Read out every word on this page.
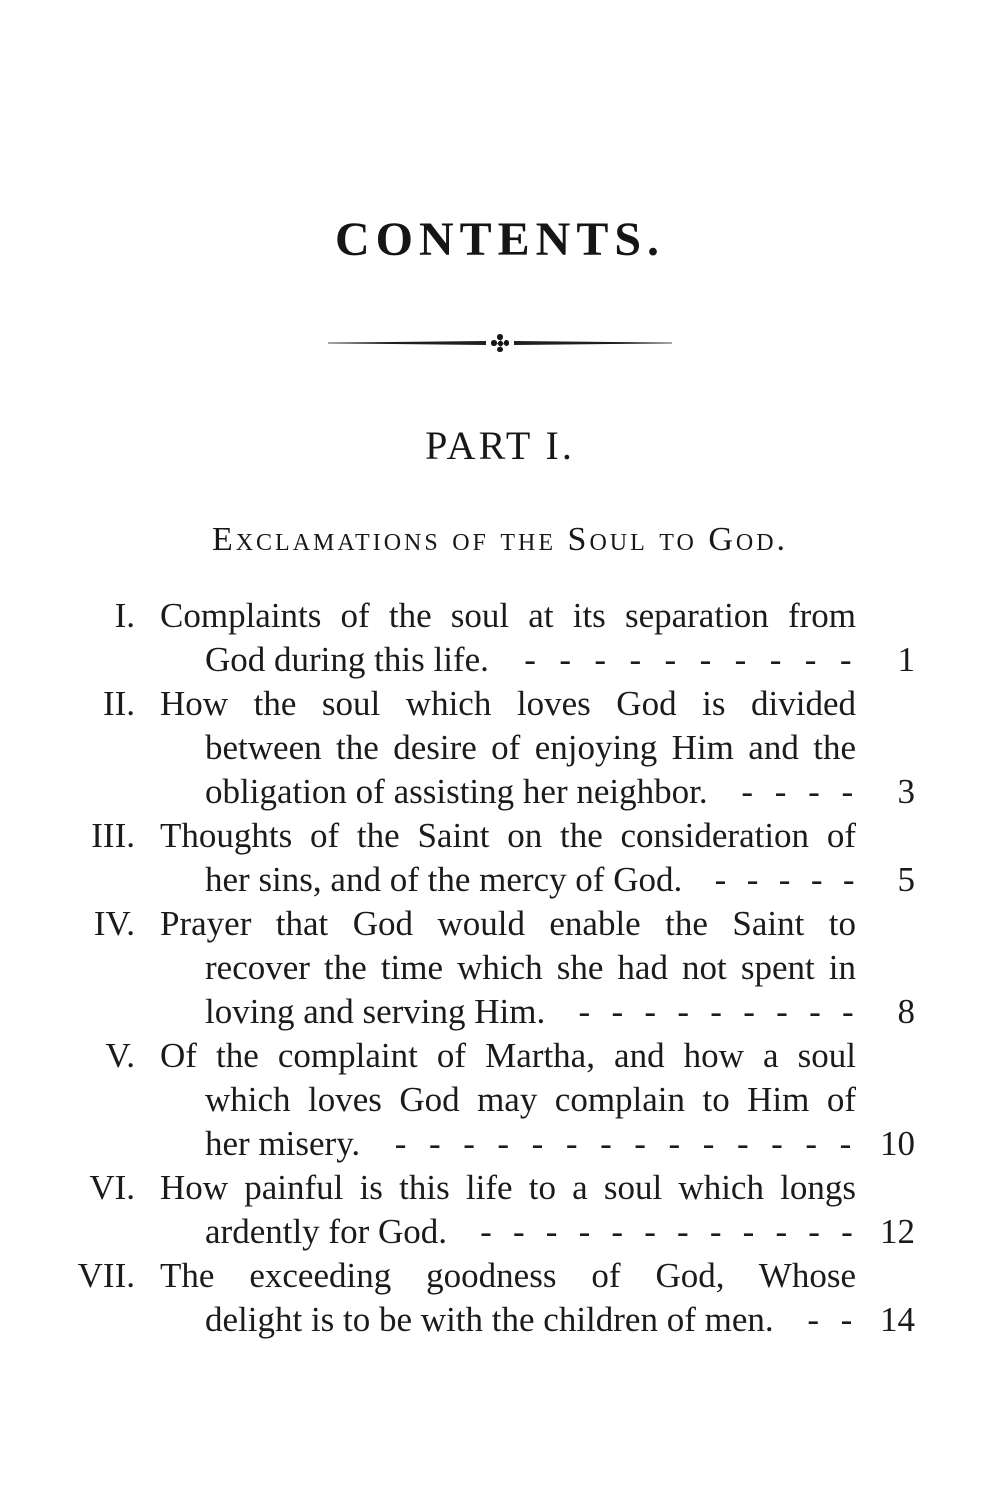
CONTENTS.
PART I.
Exclamations of the Soul to God.
I. Complaints of the soul at its separation from
God during this life. - - - - - - - - - -	1
II. How the soul which loves God is divided
between the desire of enjoying Him and the
obligation of assisting her neighbor. - - - -	3
III. Thoughts of the Saint on the consideration of
her sins, and of the mercy of God. - - - - -	5
IV. Prayer that God would enable the Saint to
recover the time which she had not spent in
loving and serving Him. - - - - - - - - -	8
V. Of the complaint of Martha, and how a soul
which loves God may complain to Him of
her misery. - - - - - - - - - - - - - - 10
VI. How painful is this life to a soul which longs
ardently for God. - - - - - - - - - - - - 12
VII. The exceeding goodness of God, Whose
delight is to be with the children of men. - - 14
